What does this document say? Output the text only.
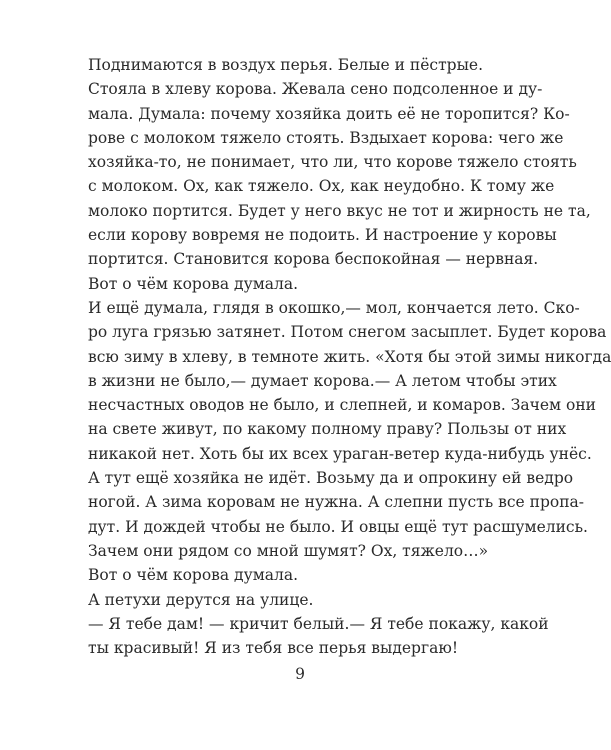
Поднимаются в воздух перья. Белые и пёстрые.
Стояла в хлеву корова. Жевала сено подсоленное и ду-
мала. Думала: почему хозяйка доить её не торопится? Ко-
рове с молоком тяжело стоять. Вздыхает корова: чего же
хозяйка-то, не понимает, что ли, что корове тяжело стоять
с молоком. Ох, как тяжело. Ох, как неудобно. К тому же
молоко портится. Будет у него вкус не тот и жирность не та,
если корову вовремя не подоить. И настроение у коровы
портится. Становится корова беспокойная — нервная.
Вот о чём корова думала.
И ещё думала, глядя в окошко,— мол, кончается лето. Ско-
ро луга грязью затянет. Потом снегом засыплет. Будет корова
всю зиму в хлеву, в темноте жить. «Хотя бы этой зимы никогда
в жизни не было,— думает корова.— А летом чтобы этих
несчастных оводов не было, и слепней, и комаров. Зачем они
на свете живут, по какому полному праву? Пользы от них
никакой нет. Хоть бы их всех ураган-ветер куда-нибудь унёс.
А тут ещё хозяйка не идёт. Возьму да и опрокину ей ведро
ногой. А зима коровам не нужна. А слепни пусть все пропа-
дут. И дождей чтобы не было. И овцы ещё тут расшумелись.
Зачем они рядом со мной шумят? Ох, тяжело…»
Вот о чём корова думала.
А петухи дерутся на улице.
— Я тебе дам! — кричит белый.— Я тебе покажу, какой
ты красивый! Я из тебя все перья выдергаю!
9
